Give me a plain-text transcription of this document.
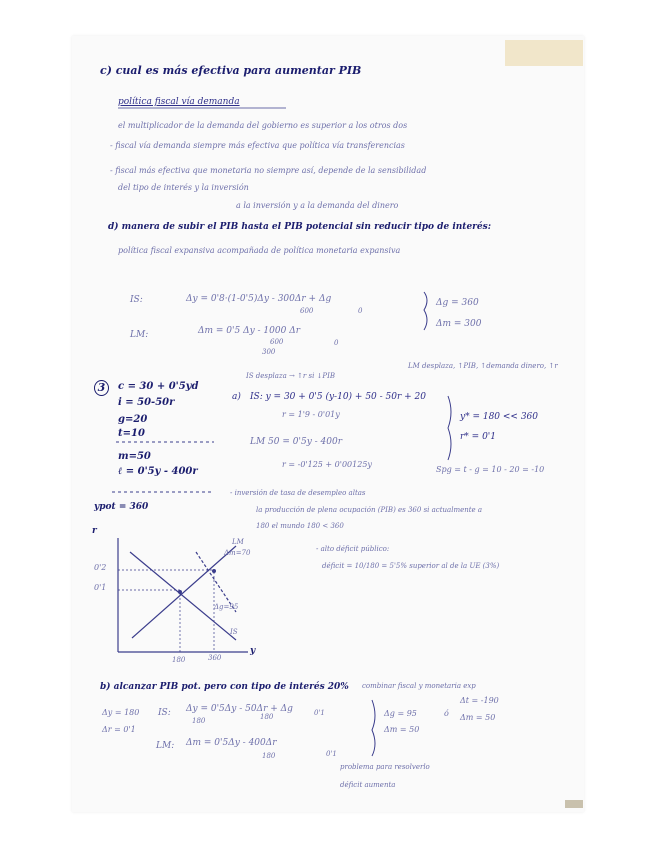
c) cual es más efectiva para aumentar PIB
política fiscal vía demanda
el multiplicador de la demanda del gobierno es superior a los otros dos
- fiscal vía demanda siempre más efectiva que política vía transferencias
- fiscal más efectiva que monetaria no siempre así, depende de la sensibilidad
del tipo de interés y la inversión
a la inversión y a la demanda del dinero
d) manera de subir el PIB hasta el PIB potencial sin reducir tipo de interés:
política fiscal expansiva acompañada de política monetaria expansiva
IS:	Δy = 0'8·(1-0'5)Δy - 300Δr + Δg
600	0
LM:	Δm = 0'5 Δy - 1000 Δr
600	0
300
Δg = 360
Δm = 300
IS desplaza → ↑r si ↓PIB
LM desplaza, ↑PIB, ↑demanda dinero, ↑r
3	c = 30 + 0'5yd
i = 50-50r
g=20
t=10
m=50
ℓ = 0'5y - 400r
ypot = 360
a) IS: y = 30 + 0'5 (y-10) + 50 - 50r + 20
r = 1'9 - 0'01y
LM 50 = 0'5y - 400r
r = -0'125 + 0'00125y
y* = 180 << 360
r* = 0'1
Spg = t - g = 10 - 20 = -10
- inversión de tasa de desempleo altas
la producción de plena ocupación (PIB) es 360 si actualmente a
180 el mundo 180 < 360
- alto déficit público:
déficit = 10/180 = 5'5% superior al de la UE (3%)
r
y
LM
IS
0'2
0'1
180	360
Δg=95
Δm=70
b) alcanzar PIB pot. pero con tipo de interés 20% combinar fiscal y monetaria exp
Δy = 180
Δr = 0'1
IS: Δy = 0'5Δy - 50Δr + Δg
180	180	0'1
LM: Δm = 0'5Δy - 400Δr
180	0'1
Δg = 95
Δm = 50
ó
Δt = -190
Δm = 50
problema para resolverlo
déficit aumenta
